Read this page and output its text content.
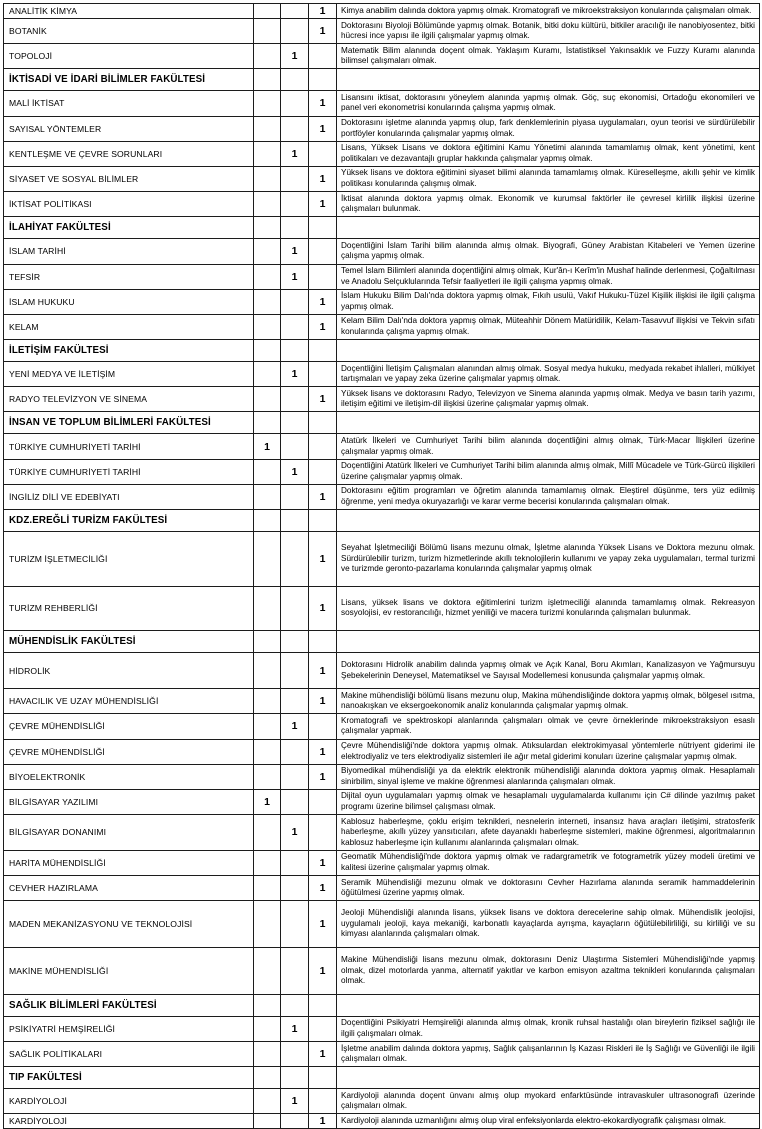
ANALİTİK KİMYA			1	Kimya anabilim dalında doktora yapmış olmak. Kromatografi ve mikroekstraksiyon konularında çalışmaları olmak.
BOTANİK			1	Doktorasını Biyoloji Bölümünde yapmış olmak. Botanik, bitki doku kültürü, bitkiler aracılığı ile nanobiyosentez, bitki hücresi ince yapısı ile ilgili çalışmalar yapmış olmak.
TOPOLOJİ		1		Matematik Bilim alanında doçent olmak. Yaklaşım Kuramı, İstatistiksel Yakınsaklık ve Fuzzy Kuramı alanında bilimsel çalışmaları olmak.
İKTİSADİ VE İDARİ BİLİMLER FAKÜLTESİ				
MALİ İKTİSAT			1	Lisansını iktisat, doktorasını yöneylem alanında yapmış olmak. Göç, suç ekonomisi, Ortadoğu ekonomileri ve panel veri ekonometrisi konularında çalışma yapmış olmak.
SAYISAL YÖNTEMLER			1	Doktorasını işletme alanında yapmış olup, fark denklemlerinin piyasa uygulamaları, oyun teorisi ve sürdürülebilir portföyler konularında çalışmalar yapmış olmak.
KENTLEŞME VE ÇEVRE SORUNLARI		1		Lisans, Yüksek Lisans ve doktora eğitimini Kamu Yönetimi alanında tamamlamış olmak, kent yönetimi, kent politikaları ve dezavantajlı gruplar hakkında çalışmalar yapmış olmak.
SİYASET VE SOSYAL BİLİMLER			1	Yüksek lisans ve doktora eğitimini siyaset bilimi alanında tamamlamış olmak. Küreselleşme, akıllı şehir ve kimlik politikası konularında çalışmış olmak.
İKTİSAT POLİTİKASI			1	İktisat alanında doktora yapmış olmak. Ekonomik ve kurumsal faktörler ile çevresel kirlilik ilişkisi üzerine çalışmaları bulunmak.
İLAHİYAT FAKÜLTESİ				
İSLAM TARİHİ		1		Doçentliğini İslam Tarihi bilim alanında almış olmak. Biyografi, Güney Arabistan Kitabeleri ve Yemen üzerine çalışma yapmış olmak.
TEFSİR		1		Temel İslam Bilimleri alanında doçentliğini almış olmak, Kur'ân-ı Kerîm'in Mushaf halinde derlenmesi, Çoğaltılması ve Anadolu Selçuklularında Tefsir faaliyetleri ile ilgili çalışma yapmış olmak.
İSLAM HUKUKU			1	İslam Hukuku Bilim Dalı'nda doktora yapmış olmak, Fıkıh usulü, Vakıf Hukuku-Tüzel Kişilik ilişkisi ile ilgili çalışma yapmış olmak.
KELAM			1	Kelam Bilim Dalı'nda doktora yapmış olmak, Müteahhir Dönem Matüridilik, Kelam-Tasavvuf ilişkisi ve Tekvin sıfatı konularında çalışma yapmış olmak.
İLETİŞİM FAKÜLTESİ				
YENİ MEDYA VE İLETİŞİM		1		Doçentliğini İletişim Çalışmaları alanından almış olmak. Sosyal medya hukuku, medyada rekabet ihlalleri, mülkiyet tartışmaları ve yapay zeka üzerine çalışmalar yapmış olmak.
RADYO TELEVİZYON VE SİNEMA			1	Yüksek lisans ve doktorasını Radyo, Televizyon ve Sinema alanında yapmış olmak. Medya ve basın tarih yazımı, iletişim eğitimi ve iletişim-dil ilişkisi üzerine çalışmalar yapmış olmak.
İNSAN VE TOPLUM BİLİMLERİ FAKÜLTESİ				
TÜRKİYE CUMHURİYETİ TARİHİ	1			Atatürk İlkeleri ve Cumhuriyet Tarihi bilim alanında doçentliğini almış olmak, Türk-Macar İlişkileri üzerine çalışmalar yapmış olmak.
TÜRKİYE CUMHURİYETİ TARİHİ		1		Doçentliğini Atatürk İlkeleri ve Cumhuriyet Tarihi bilim alanında almış olmak, Millî Mücadele ve Türk-Gürcü ilişkileri üzerine çalışmalar yapmış olmak.
İNGİLİZ DİLİ VE EDEBİYATI			1	Doktorasını eğitim programları ve öğretim alanında tamamlamış olmak. Eleştirel düşünme, ters yüz edilmiş öğrenme, yeni medya okuryazarlığı ve karar verme becerisi konularında çalışmaları olmak.
KDZ.EREĞLİ TURİZM FAKÜLTESİ				
TURİZM İŞLETMECİLİĞİ			1	Seyahat İşletmeciliği Bölümü lisans mezunu olmak, İşletme alanında Yüksek Lisans ve Doktora mezunu olmak. Sürdürülebilir turizm, turizm hizmetlerinde akıllı teknolojilerin kullanımı ve yapay zeka uygulamaları, termal turizmi ve turizmde geronto-pazarlama konularında çalışmalar yapmış olmak
TURİZM REHBERLİĞİ			1	Lisans, yüksek lisans ve doktora eğitimlerini turizm işletmeciliği alanında tamamlamış olmak. Rekreasyon sosyolojisi, ev restorancılığı, hizmet yeniliği ve macera turizmi konularında çalışmaları bulunmak.
MÜHENDİSLİK FAKÜLTESİ				
HİDROLİK			1	Doktorasını Hidrolik anabilim dalında yapmış olmak ve Açık Kanal, Boru Akımları, Kanalizasyon ve Yağmursuyu Şebekelerinin Deneysel, Matematiksel ve Sayısal Modellemesi konusunda çalışmalar yapmış olmak.
HAVACILIK VE UZAY MÜHENDİSLİĞİ			1	Makine mühendisliği bölümü lisans mezunu olup, Makina mühendisliğinde doktora yapmış olmak, bölgesel ısıtma, nanoakışkan ve eksergoekonomik analiz konularında çalışmalar yapmış olmak.
ÇEVRE MÜHENDİSLİĞİ		1		Kromatografi ve spektroskopi alanlarında çalışmaları olmak ve çevre örneklerinde mikroekstraksiyon esaslı çalışmalar yapmak.
ÇEVRE MÜHENDİSLİĞİ			1	Çevre Mühendisliği'nde doktora yapmış olmak. Atıksulardan elektrokimyasal yöntemlerle nütriyent giderimi ile elektrodiyaliz ve ters elektrodiyaliz sistemleri ile ağır metal giderimi konuları üzerine çalışmalar yapmış olmak.
BİYOELEKTRONİK			1	Biyomedikal mühendisliği ya da elektrik elektronik mühendisliği alanında doktora yapmış olmak. Hesaplamalı sinirbilim, sinyal işleme ve makine öğrenmesi alanlarında çalışmaları olmak.
BİLGİSAYAR YAZILIMI	1			Dijital oyun uygulamaları yapmış olmak ve hesaplamalı uygulamalarda kullanımı için C# dilinde yazılmış paket programı üzerine bilimsel çalışması olmak.
BİLGİSAYAR DONANIMI		1		Kablosuz haberleşme, çoklu erişim teknikleri, nesnelerin interneti, insansız hava araçları iletişimi, stratosferik haberleşme, akıllı yüzey yansıtıcıları, afete dayanaklı haberleşme sistemleri, makine öğrenmesi, algoritmalarının kablosuz haberleşme için kullanımı alanlarında çalışmaları olmak.
HARİTA MÜHENDİSLİĞİ			1	Geomatik Mühendisliği'nde doktora yapmış olmak ve radargrametrik ve fotogrametrik yüzey modeli üretimi ve kalitesi üzerine çalışmalar yapmış olmak.
CEVHER HAZIRLAMA			1	Seramik Mühendisliği mezunu olmak ve doktorasını Cevher Hazırlama alanında seramik hammaddelerinin öğütülmesi üzerine yapmış olmak.
MADEN MEKANİZASYONU VE TEKNOLOJİSİ			1	Jeoloji Mühendisliği alanında lisans, yüksek lisans ve doktora derecelerine sahip olmak. Mühendislik jeolojisi, uygulamalı jeoloji, kaya mekaniği, karbonatlı kayaçlarda ayrışma, kayaçların öğütülebilirliliği, su kirliliği ve su kimyası alanlarında çalışmaları olmak.
MAKİNE MÜHENDİSLİĞİ			1	Makine Mühendisliği lisans mezunu olmak, doktorasını Deniz Ulaştırma Sistemleri Mühendisliği'nde yapmış olmak, dizel motorlarda yanma, alternatif yakıtlar ve karbon emisyon azaltma teknikleri konularında çalışmaları olmak.
SAĞLIK BİLİMLERİ FAKÜLTESİ				
PSİKİYATRİ HEMŞİRELİĞİ		1		Doçentliğini Psikiyatri Hemşireliği alanında almış olmak, kronik ruhsal hastalığı olan bireylerin fiziksel sağlığı ile ilgili çalışmaları olmak.
SAĞLIK POLİTİKALARI			1	İşletme anabilim dalında doktora yapmış, Sağlık çalışanlarının İş Kazası Riskleri ile İş Sağlığı ve Güvenliği ile ilgili çalışmaları olmak.
TIP FAKÜLTESİ				
KARDİYOLOJİ		1		Kardiyoloji alanında doçent ünvanı almış olup myokard enfarktüsünde intravaskuler ultrasonografi üzerinde çalışmaları olmak.
KARDİYOLOJİ			1	Kardiyoloji alanında uzmanlığını almış olup viral enfeksiyonlarda elektro-ekokardiyografik çalışması olmak.
